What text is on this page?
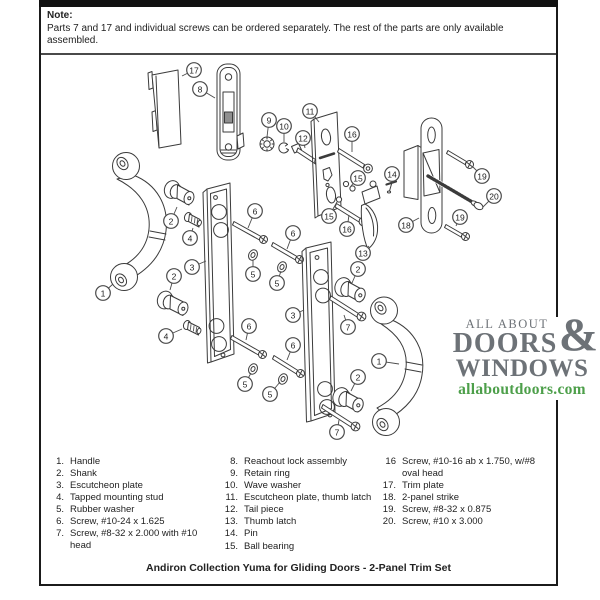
Note:
Parts 7 and 17 and individual screws can be ordered separately. The rest of the parts are only available assembled.
17
8
11
9
10
16
12
15	14
6	15
2
16
6
4
13
3	2
2	5
5
1
3
6	7
4
6
1
2
5
5
18
19
20
19
7
&
ALL ABOUT
DOORS
WINDOWS
allaboutdoors.com
1. Handle
2. Shank
3. Escutcheon plate
4. Tapped mounting stud
5. Rubber washer
6. Screw, #10-24 x 1.625
7. Screw, #8-32 x 2.000 with #10 head
8. Reachout lock assembly
9. Retain ring
10. Wave washer
11. Escutcheon plate, thumb latch
12. Tail piece
13. Thumb latch
14. Pin
15. Ball bearing
16 Screw, #10-16 ab x 1.750, w/#8 oval head
17. Trim plate
18. 2-panel strike
19. Screw, #8-32 x 0.875
20. Screw, #10 x 3.000
Andiron Collection Yuma for Gliding Doors - 2-Panel Trim Set
